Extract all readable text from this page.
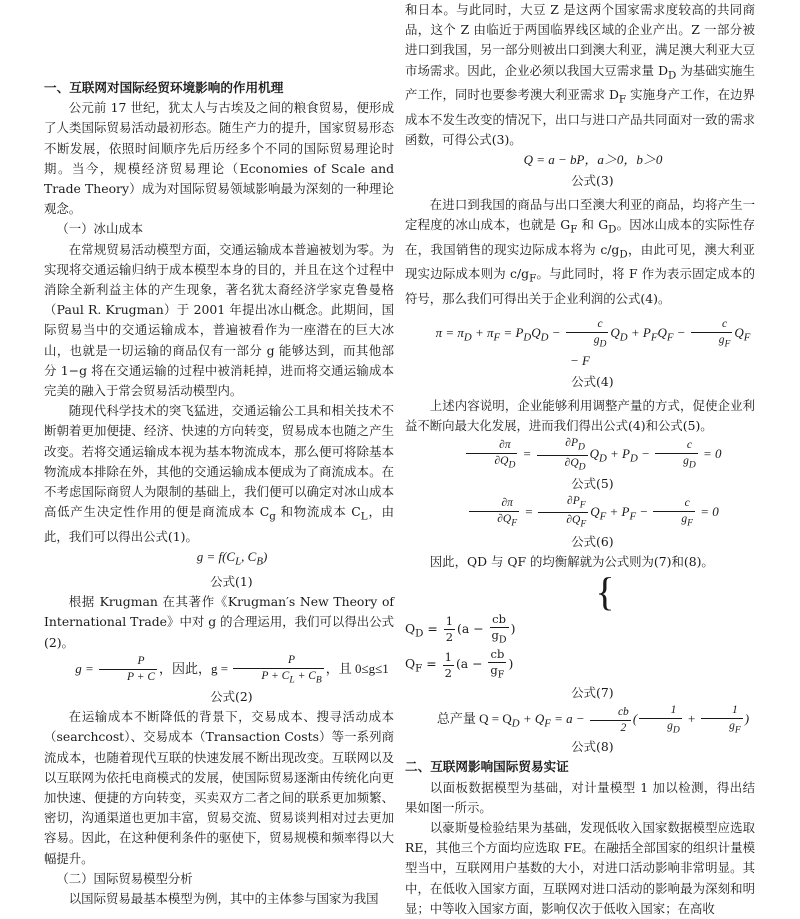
一、互联网对国际经贸环境影响的作用机理

公元前 17 世纪，犹太人与古埃及之间的粮食贸易，便形成了人类国际贸易活动最初形态。随生产力的提升，国家贸易形态不断发展，依照时间顺序先后历经多个不同的国际贸易理论时期。当今，规模经济贸易理论（Economies of Scale and Trade Theory）成为对国际贸易领域影响最为深刻的一种理论观念。

（一）冰山成本

在常规贸易活动模型方面，交通运输成本普遍被划为零。为实现将交通运输归纳于成本模型本身的目的，并且在这个过程中消除全新利益主体的产生现象，著名犹太裔经济学家克鲁曼格（Paul R. Krugman）于 2001 年提出冰山概念。此期间，国际贸易当中的交通运输成本，普遍被看作为一座潜在的巨大冰山，也就是一切运输的商品仅有一部分 g 能够达到，而其他部分 1−g 将在交通运输的过程中被消耗掉，进而将交通运输成本完美的融入于常会贸易活动模型内。

随现代科学技术的突飞猛进，交通运输公工具和相关技术不断朝着更加便捷、经济、快速的方向转变，贸易成本也随之产生改变。若将交通运输成本视为基本物流成本，那么便可将除基本物流成本排除在外，其他的交通运输成本便成为了商流成本。在不考虑国际商贸人为限制的基础上，我们便可以确定对冰山成本高低产生决定性作用的便是商流成本 $C_g$ 和物流成本 $C_L$，由此，我们可以得出公式(1)。

$g = f(C_L$, $C_B$)

公式(1)

根据 Krugman 在其著作《Krugman′s New Theory of International Trade》中对 g 的合理运用，我们可以得出公式(2)。

$g = \frac{P}{P + C}$ ，因此，$g = \frac{P}{P + C_L + C_B}$ ，且 0≤g≤1

公式(2)

在运输成本不断降低的背景下，交易成本、搜寻活动成本（searchcost）、交易成本（Transaction Costs）等一系列商流成本，也随着现代互联的快速发展不断出现改变。互联网以及以互联网为依托电商模式的发展，使国际贸易逐渐由传统化向更加快速、便捷的方向转变，买卖双方二者之间的联系更加频繁、密切，沟通渠道也更加丰富，贸易交流、贸易谈判相对过去更加容易。因此，在这种便利条件的驱使下，贸易规模和频率得以大幅提升。

（二）国际贸易模型分析

以国际贸易最基本模型为例，其中的主体参与国家为我国

和日本。与此同时，大豆 Z 是这两个国家需求度较高的共同商品，这个 Z 由临近于两国临界线区域的企业产出。Z 一部分被进口到我国，另一部分则被出口到澳大利亚，满足澳大利亚大豆市场需求。因此，企业必须以我国大豆需求量 $D_D$ 为基础实施生产工作，同时也要参考澳大利亚需求 $D_F$ 实施身产工作，在边界成本不发生改变的情况下，出口与进口产品共同面对一致的需求函数，可得公式(3)。

Q = a − bP，a＞0，b＞0

公式(3)

在进口到我国的商品与出口至澳大利亚的商品，均将产生一定程度的冰山成本，也就是 $G_F$ 和 $G_D$。因冰山成本的实际性存在，我国销售的现实边际成本将为 $c/g_D$，由此可见，澳大利亚现实边际成本则为 $c/g_F$。与此同时，将 F 作为表示固定成本的符号，那么我们可得出关于企业利润的公式(4)。

$\pi = \pi_D + \pi_F = P_DQ_D - \frac{c}{g_D} Q_D + P_FQ_F - \frac{c}{g_F} Q_F - F$

公式(4)

上述内容说明，企业能够利用调整产量的方式，促使企业利益不断向最大化发展，进而我们得出公式(4)和公式(5)。

$\frac{\partial\pi}{\partial Q_D} = \frac{\partial P_D}{\partial Q_D} Q_D + P_D - \frac{c}{g_D} = 0$

公式(5)

$\frac{\partial\pi}{\partial Q_F} = \frac{\partial P_F}{\partial Q_F} Q_F + P_F - \frac{c}{g_F} = 0$

公式(6)

因此，QD 与 QF 的均衡解就为公式则为(7)和(8)。

{

$Q_D = \frac{1}{2} (a - \frac{cb}{g_D}$ )
$Q_F = \frac{1}{2} (a - \frac{cb}{g_F}$ )

公式(7)

总产量 $Q = Q_D + Q_F = a - \frac{cb}{2}$ ( $\frac{1}{g_D} + \frac{1}{g_F}$ )

公式(8)

二、互联网影响国际贸易实证

以面板数据模型为基础，对计量模型 1 加以检测，得出结果如图一所示。

以豪斯曼检验结果为基础，发现低收入国家数据模型应选取 RE，其他三个方面均应选取 FE。在融括全部国家的组织计量模型当中，互联网用户基数的大小，对进口活动影响非常明显。其中，在低收入国家方面，互联网对进口活动的影响最为深刻和明显；中等收入国家方面，影响仅次于低收入国家；在高收
